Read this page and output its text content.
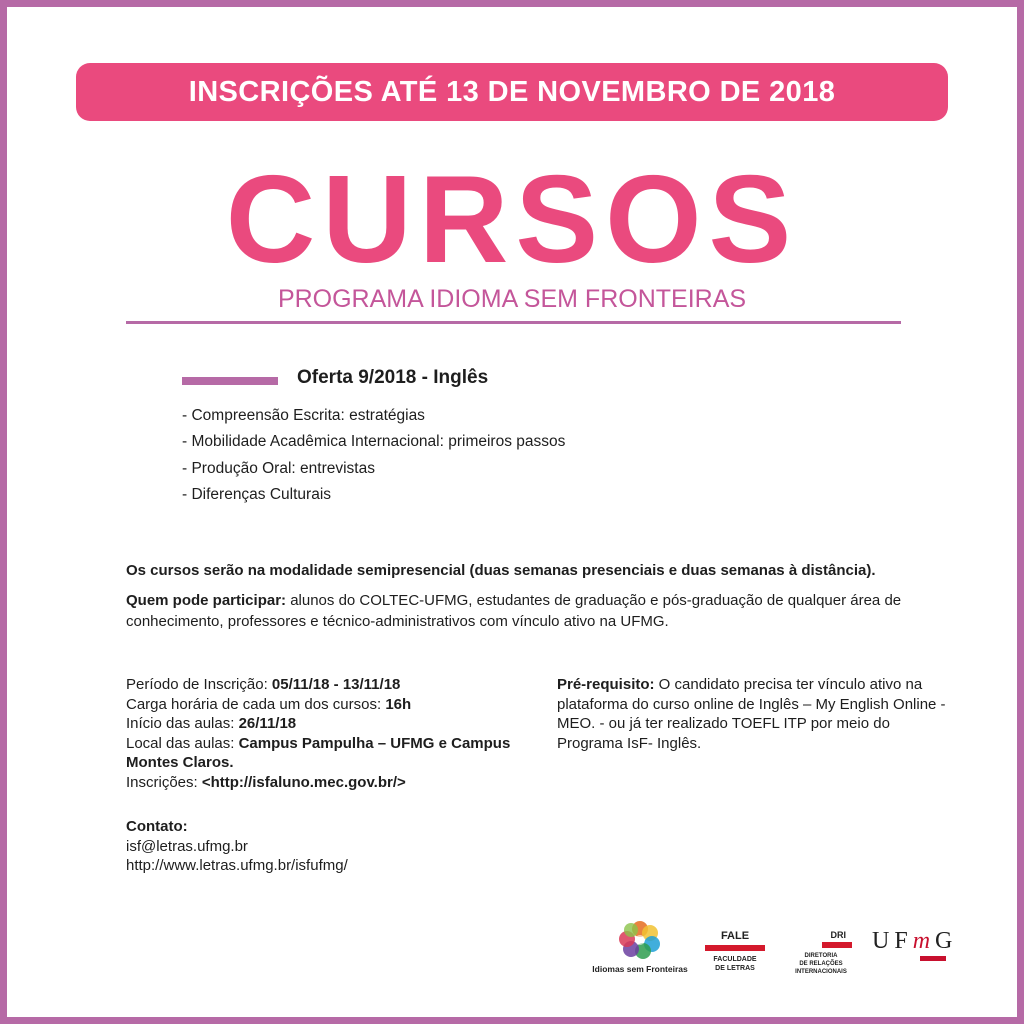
INSCRIÇÕES ATÉ 13 DE NOVEMBRO DE 2018
CURSOS
PROGRAMA IDIOMA SEM FRONTEIRAS
Oferta 9/2018 - Inglês
- Compreensão Escrita: estratégias
- Mobilidade Acadêmica Internacional: primeiros passos
- Produção Oral: entrevistas
- Diferenças Culturais
Os cursos serão na modalidade semipresencial (duas semanas presenciais e duas semanas à distância).
Quem pode participar: alunos do COLTEC-UFMG, estudantes de graduação e pós-graduação de qualquer área de conhecimento, professores e técnico-administrativos com vínculo ativo na UFMG.
Período de Inscrição: 05/11/18 - 13/11/18
Carga horária de cada um dos cursos: 16h
Início das aulas: 26/11/18
Local das aulas: Campus Pampulha – UFMG e Campus Montes Claros.
Inscrições: <http://isfaluno.mec.gov.br/>
Pré-requisito: O candidato precisa ter vínculo ativo na plataforma do curso online de Inglês – My English Online - MEO. - ou já ter realizado TOEFL ITP por meio do Programa IsF- Inglês.
Contato:
isf@letras.ufmg.br
http://www.letras.ufmg.br/isfufmg/
Idiomas sem Fronteiras
FALE
FACULDADE
DE LETRAS
DRI
DIRETORIA
DE RELAÇÕES
INTERNACIONAIS
UFmG
